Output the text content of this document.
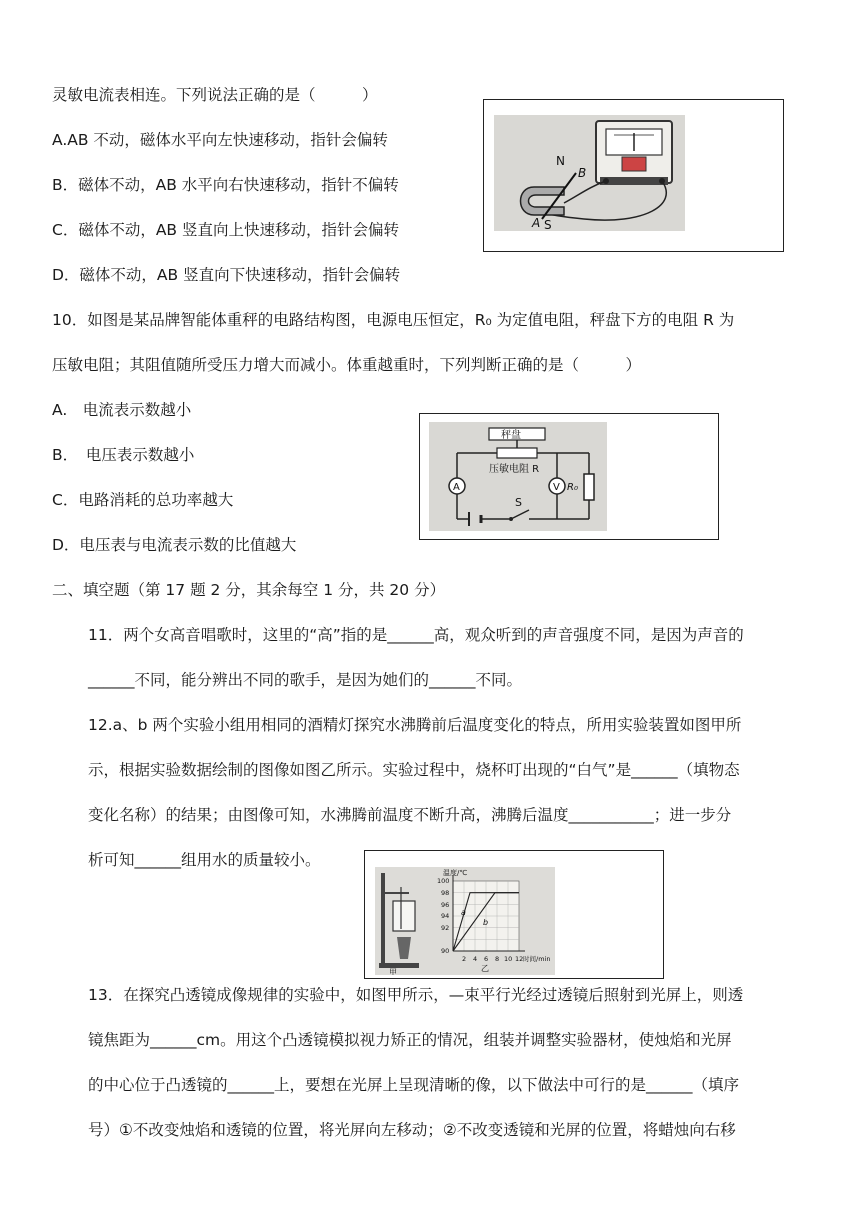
灵敏电流表相连。下列说法正确的是（　　　）
A.AB 不动，磁体水平向左快速移动，指针会偏转
B．磁体不动，AB 水平向右快速移动，指针不偏转
C．磁体不动，AB 竖直向上快速移动，指针会偏转
D．磁体不动，AB 竖直向下快速移动，指针会偏转
N
B
A S
10．如图是某品牌智能体重秤的电路结构图，电源电压恒定，R₀ 为定值电阻，秤盘下方的电阻 R 为
压敏电阻；其阻值随所受压力增大而减小。体重越重时，下列判断正确的是（　　　）
A.　电流表示数越小
B．　电压表示数越小
C．电路消耗的总功率越大
D．电压表与电流表示数的比值越大
秤盘
压敏电阻 R
S
A	V R₀
二、填空题（第 17 题 2 分，其余每空 1 分，共 20 分）
11．两个女高音唱歌时，这里的“高”指的是______高，观众听到的声音强度不同，是因为声音的
______不同，能分辨出不同的歌手，是因为她们的______不同。
12.a、b 两个实验小组用相同的酒精灯探究水沸腾前后温度变化的特点，所用实验装置如图甲所
示，根据实验数据绘制的图像如图乙所示。实验过程中，烧杯叮出现的“白气”是______（填物态
变化名称）的结果；由图像可知，水沸腾前温度不断升高，沸腾后温度___________；进一步分
析可知______组用水的质量较小。
甲
a
b
温度/℃
100
98
96
94
92
90
2 4 6 8 10 12 时间/min
乙
13．在探究凸透镜成像规律的实验中，如图甲所示，—束平行光经过透镜后照射到光屏上，则透
镜焦距为______cm。用这个凸透镜模拟视力矫正的情况，组装并调整实验器材，使烛焰和光屏
的中心位于凸透镜的______上，要想在光屏上呈现清晰的像，以下做法中可行的是______（填序
号）①不改变烛焰和透镜的位置，将光屏向左移动；②不改变透镜和光屏的位置，将蜡烛向右移
